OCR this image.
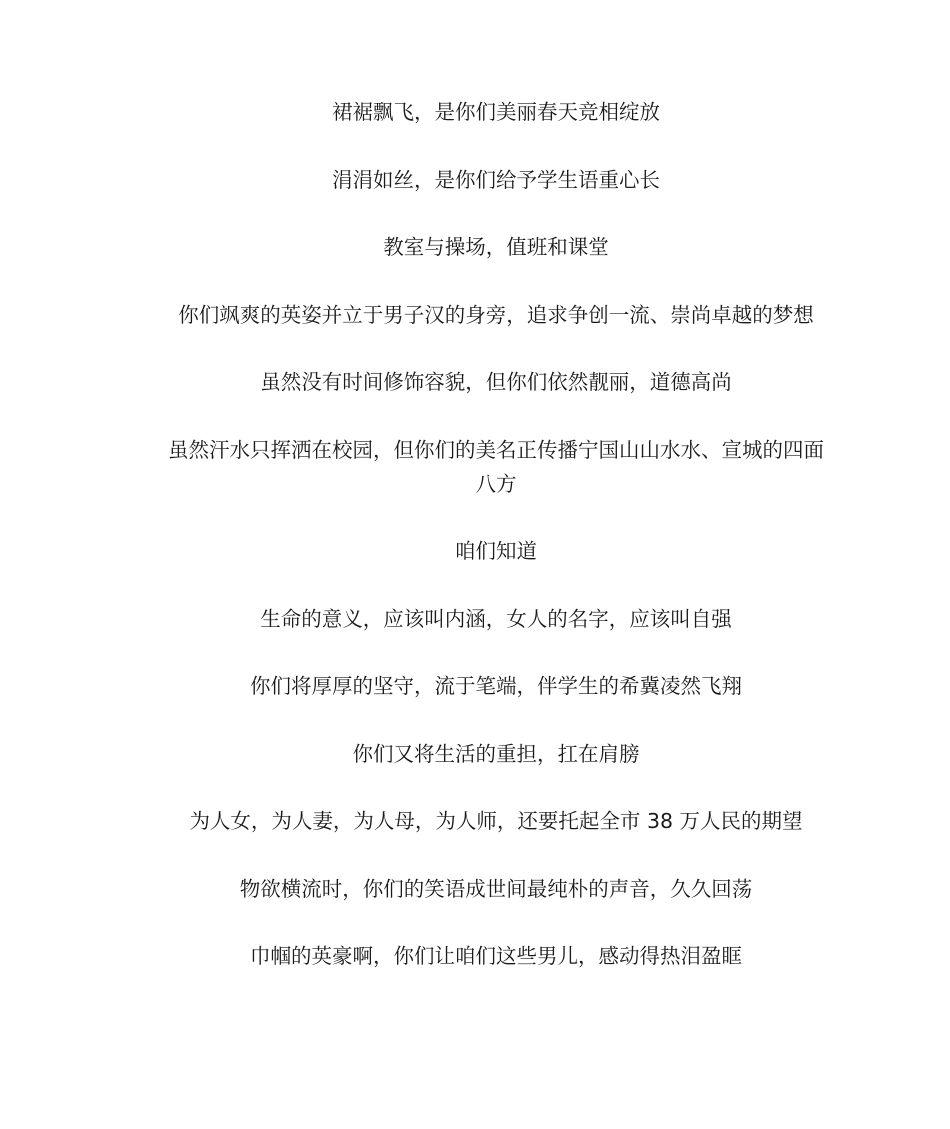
裙裾飘飞，是你们美丽春天竞相绽放

涓涓如丝，是你们给予学生语重心长

教室与操场，值班和课堂

你们飒爽的英姿并立于男子汉的身旁，追求争创一流、崇尚卓越的梦想

虽然没有时间修饰容貌，但你们依然靓丽，道德高尚

虽然汗水只挥洒在校园，但你们的美名正传播宁国山山水水、宣城的四面八方

咱们知道

生命的意义，应该叫内涵，女人的名字，应该叫自强

你们将厚厚的坚守，流于笔端，伴学生的希冀凌然飞翔

你们又将生活的重担，扛在肩膀

为人女，为人妻，为人母，为人师，还要托起全市 38 万人民的期望

物欲横流时，你们的笑语成世间最纯朴的声音，久久回荡

巾帼的英豪啊，你们让咱们这些男儿，感动得热泪盈眶
